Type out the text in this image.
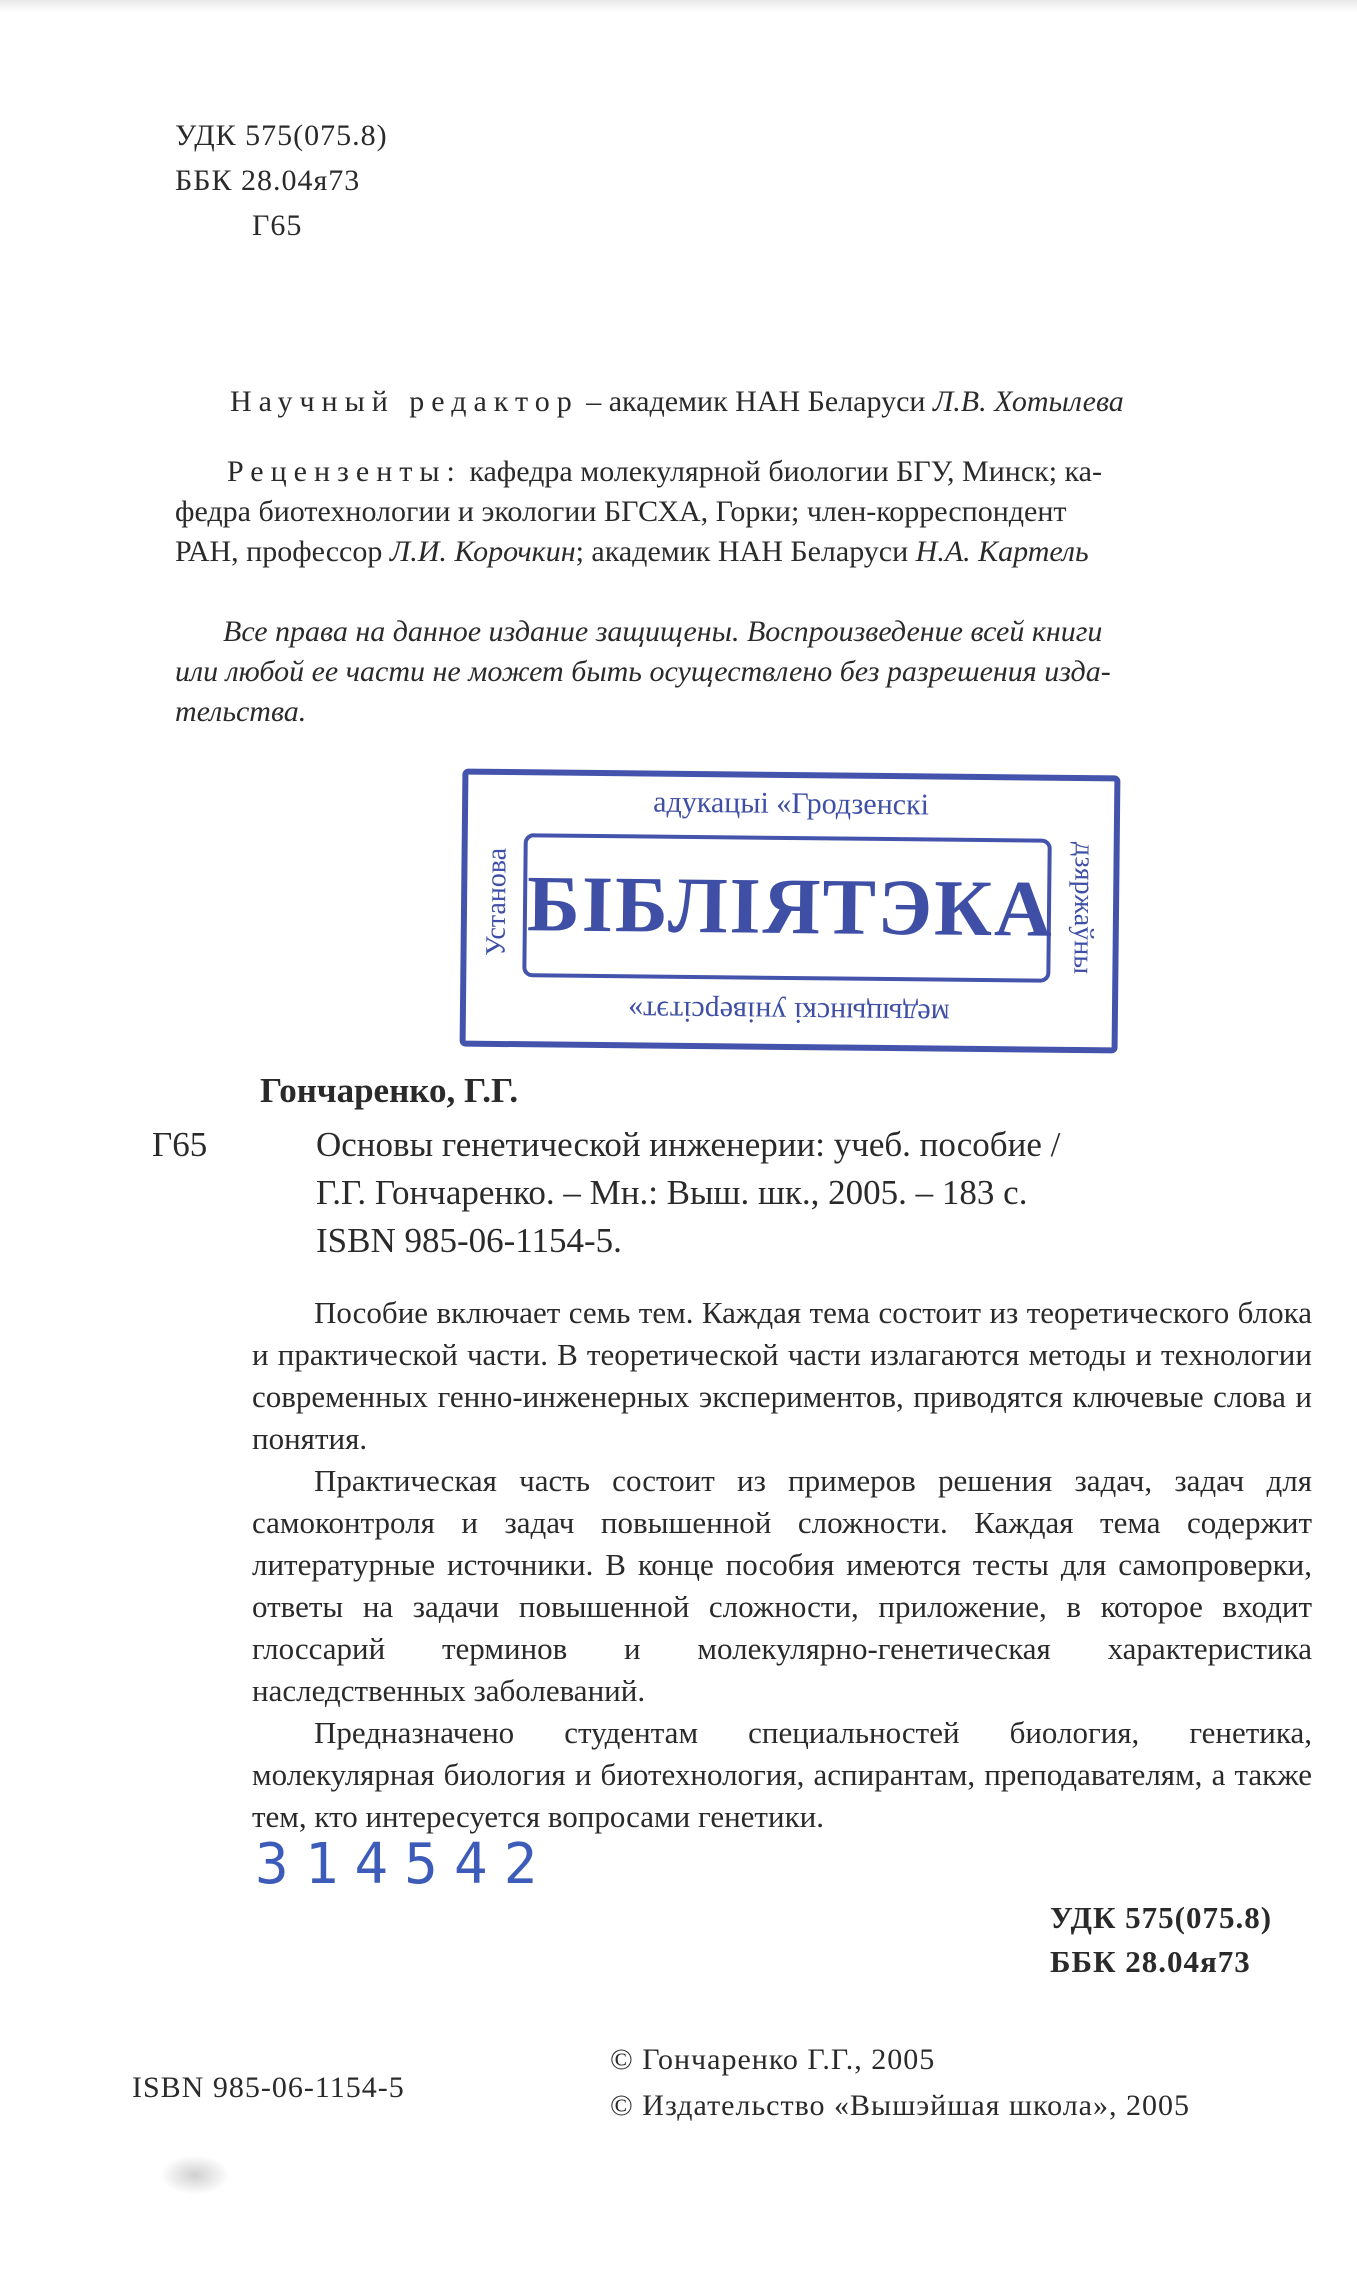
УДК 575(075.8)
ББК 28.04я73
Г65
Научный редактор – академик НАН Беларуси Л.В. Хотылева

Рецензенты: кафедра молекулярной биологии БГУ, Минск; ка-

федра биотехнологии и экологии БГСХА, Горки; член-корреспондент

РАН, профессор Л.И. Корочкин; академик НАН Беларуси Н.А. Картель

Все права на данное издание защищены. Воспроизведение всей книги

или любой ее части не может быть осуществлено без разрешения изда-

тельства.

адукацыі «Гродзенскі
Установа	дзяржаўны
БІБЛІЯТЭКА
медыцынскі універсітэт»
Гончаренко, Г.Г.
Г65	Основы генетической инженерии: учеб. пособие /
Г.Г. Гончаренко. – Мн.: Выш. шк., 2005. – 183 с.
ISBN 985-06-1154-5.

Пособие включает семь тем. Каждая тема состоит из теоретического блока и практической части. В теоретической части излагаются методы и технологии современных генно-инженерных экспериментов, приводятся ключевые слова и понятия.

Практическая часть состоит из примеров решения задач, задач для самоконтроля и задач повышенной сложности. Каждая тема содержит литературные источники. В конце пособия имеются тесты для самопроверки, ответы на задачи повышенной сложности, приложение, в которое входит глоссарий терминов и молекулярно-генетическая характеристика наследственных заболеваний.

Предназначено студентам специальностей биология, генетика, молекулярная биология и биотехнология, аспирантам, преподавателям, а также тем, кто интересуется вопросами генетики.

314542
УДК 575(075.8)
ББК 28.04я73
ISBN 985-06-1154-5
© Гончаренко Г.Г., 2005
© Издательство «Вышэйшая школа», 2005
